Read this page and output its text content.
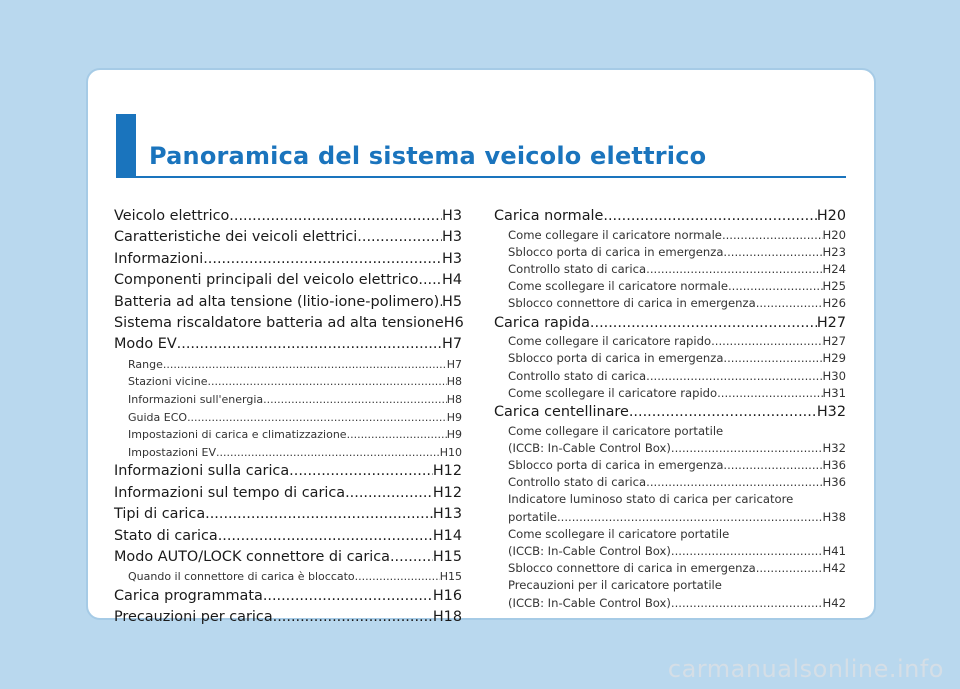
Panoramica del sistema veicolo elettrico
Veicolo elettrico .....	H3
Caratteristiche dei veicoli elettrici .....	H3
Informazioni .....	H3
Componenti principali del veicolo elettrico ..... H4
Batteria ad alta tensione (litio-ione-polimero) ..... H5
Sistema riscaldatore batteria ad alta tensione H6
Modo EV .....	H7
Range .....	H7
Stazioni vicine .....	H8
Informazioni sull'energia .....	H8
Guida ECO .....	H9
Impostazioni di carica e climatizzazione .....	H9
Impostazioni EV .....	H10
Informazioni sulla carica .....	H12
Informazioni sul tempo di carica .....	H12
Tipi di carica .....	H13
Stato di carica .....	H14
Modo AUTO/LOCK connettore di carica .....	H15
Quando il connettore di carica è bloccato .....	H15
Carica programmata .....	H16
Precauzioni per carica .....	H18
Carica normale .....	H20
Come collegare il caricatore normale .....	H20
Sblocco porta di carica in emergenza .....	H23
Controllo stato di carica .....	H24
Come scollegare il caricatore normale .....	H25
Sblocco connettore di carica in emergenza .....	H26
Carica rapida .....	H27
Come collegare il caricatore rapido .....	H27
Sblocco porta di carica in emergenza .....	H29
Controllo stato di carica .....	H30
Come scollegare il caricatore rapido .....	H31
Carica centellinare .....	H32
Come collegare il caricatore portatile
(ICCB: In-Cable Control Box) .....	H32
Sblocco porta di carica in emergenza .....	H36
Controllo stato di carica .....	H36
Indicatore luminoso stato di carica per caricatore
portatile .....	H38
Come scollegare il caricatore portatile
(ICCB: In-Cable Control Box) .....	H41
Sblocco connettore di carica in emergenza .....	H42
Precauzioni per il caricatore portatile
(ICCB: In-Cable Control Box) .....	H42
carmanualsonline.info
